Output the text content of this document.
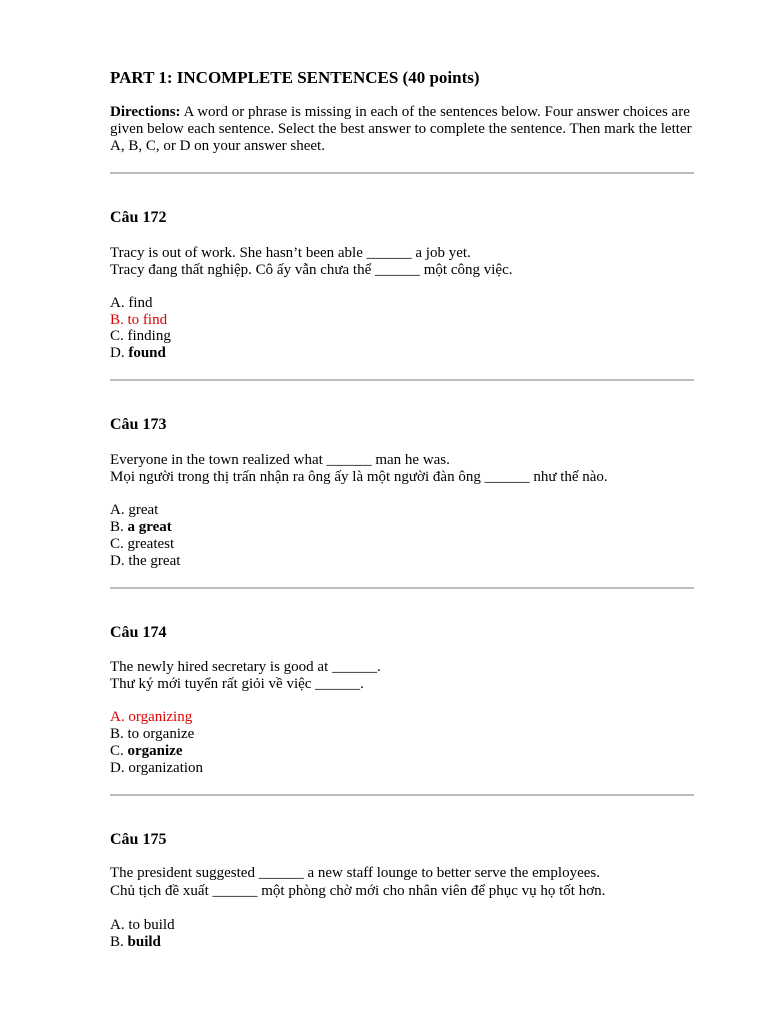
PART 1: INCOMPLETE SENTENCES (40 points)

Directions: A word or phrase is missing in each of the sentences below. Four answer choices are given below each sentence. Select the best answer to complete the sentence. Then mark the letter A, B, C, or D on your answer sheet.

Câu 172
Tracy is out of work. She hasn’t been able ______ a job yet.
Tracy đang thất nghiệp. Cô ấy vẫn chưa thể ______ một công việc.
A. find
B. to find
C. finding
D. found
Câu 173
Everyone in the town realized what ______ man he was.
Mọi người trong thị trấn nhận ra ông ấy là một người đàn ông ______ như thế nào.
A. great
B. a great
C. greatest
D. the great
Câu 174
The newly hired secretary is good at ______.
Thư ký mới tuyển rất giỏi về việc ______.
A. organizing
B. to organize
C. organize
D. organization
Câu 175
The president suggested ______ a new staff lounge to better serve the employees.
Chủ tịch đề xuất ______ một phòng chờ mới cho nhân viên để phục vụ họ tốt hơn.
A. to build
B. build
